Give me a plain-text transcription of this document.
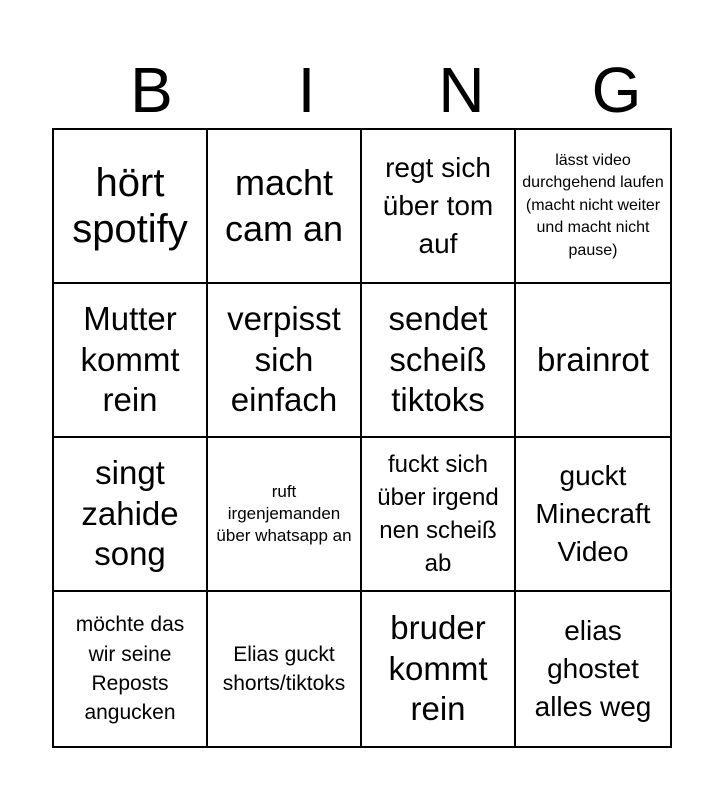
B	I	N	G
hört spotify
macht cam an
regt sich über tom auf
lässt video durchgehend laufen (macht nicht weiter und macht nicht pause)
Mutter kommt rein
verpisst sich einfach
sendet scheiß tiktoks
brainrot
singt zahide song
ruft irgenjemanden über whatsapp an
fuckt sich über irgend nen scheiß ab
guckt Minecraft Video
möchte das wir seine Reposts angucken
Elias guckt shorts/tiktoks
bruder kommt rein
elias ghostet alles weg
